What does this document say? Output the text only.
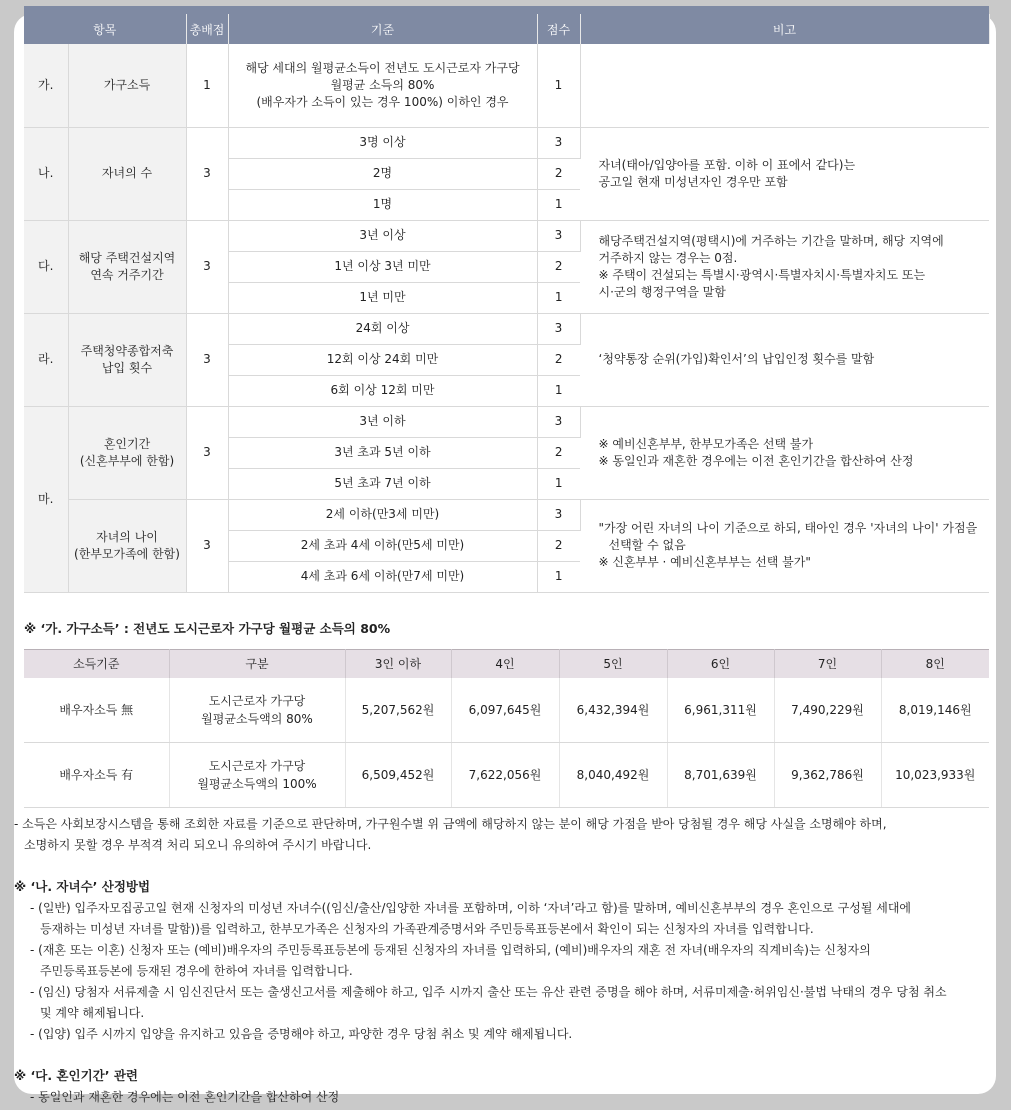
항목		총배점	기준	점수	비고
가.	가구소득	1	해당 세대의 월평균소득이 전년도 도시근로자 가구당
월평균 소득의 80%
(배우자가 소득이 있는 경우 100%) 이하인 경우	1	
나.	자녀의 수	3	3명 이상	3	자녀(태아/입양아를 포함. 이하 이 표에서 같다)는
공고일 현재 미성년자인 경우만 포함
			2명	2	
			1명	1	
다.	해당 주택건설지역
연속 거주기간	3	3년 이상	3	해당주택건설지역(평택시)에 거주하는 기간을 말하며, 해당 지역에
거주하지 않는 경우는 0점.
※ 주택이 건설되는 특별시·광역시·특별자치시·특별자치도 또는
시·군의 행정구역을 말함
			1년 이상 3년 미만	2	
			1년 미만	1	
라.	주택청약종합저축
납입 횟수	3	24회 이상	3	‘청약통장 순위(가입)확인서’의 납입인정 횟수를 말함
			12회 이상 24회 미만	2	
			6회 이상 12회 미만	1	
마.	혼인기간
(신혼부부에 한함)	3	3년 이하	3	※ 예비신혼부부, 한부모가족은 선택 불가
※ 동일인과 재혼한 경우에는 이전 혼인기간을 합산하여 산정
			3년 초과 5년 이하	2	
			5년 초과 7년 이하	1	
	자녀의 나이
(한부모가족에 한함)	3	2세 이하(만3세 미만)	3	"가장 어린 자녀의 나이 기준으로 하되, 태아인 경우 '자녀의 나이' 가점을
선택할 수 없음
※ 신혼부부 · 예비신혼부부는 선택 불가"
			2세 초과 4세 이하(만5세 미만)	2	
			4세 초과 6세 이하(만7세 미만)	1	
※ ‘가. 가구소득’ : 전년도 도시근로자 가구당 월평균 소득의 80%
소득기준	구분	3인 이하	4인	5인	6인	7인	8인
배우자소득 無	도시근로자 가구당
월평균소득액의 80%	5,207,562원	6,097,645원	6,432,394원	6,961,311원	7,490,229원	8,019,146원
배우자소득 有	도시근로자 가구당
월평균소득액의 100%	6,509,452원	7,622,056원	8,040,492원	8,701,639원	9,362,786원	10,023,933원

- 소득은 사회보장시스템을 통해 조회한 자료를 기준으로 판단하며, 가구원수별 위 금액에 해당하지 않는 분이 해당 가점을 받아 당첨될 경우 해당 사실을 소명해야 하며,

소명하지 못할 경우 부적격 처리 되오니 유의하여 주시기 바랍니다.

※ ‘나. 자녀수’ 산정방법

- (일반) 입주자모집공고일 현재 신청자의 미성년 자녀수((임신/출산/입양한 자녀를 포함하며, 이하 ‘자녀’라고 함)를 말하며, 예비신혼부부의 경우 혼인으로 구성될 세대에

등재하는 미성년 자녀를 말함))를 입력하고, 한부모가족은 신청자의 가족관계증명서와 주민등록표등본에서 확인이 되는 신청자의 자녀를 입력합니다.

- (재혼 또는 이혼) 신청자 또는 (예비)배우자의 주민등록표등본에 등재된 신청자의 자녀를 입력하되, (예비)배우자의 재혼 전 자녀(배우자의 직계비속)는 신청자의

주민등록표등본에 등재된 경우에 한하여 자녀를 입력합니다.

- (임신) 당첨자 서류제출 시 임신진단서 또는 출생신고서를 제출해야 하고, 입주 시까지 출산 또는 유산 관련 증명을 해야 하며, 서류미제출·허위임신·불법 낙태의 경우 당첨 취소

및 계약 해제됩니다.

- (입양) 입주 시까지 입양을 유지하고 있음을 증명해야 하고, 파양한 경우 당첨 취소 및 계약 해제됩니다.

※ ‘다. 혼인기간’ 관련

- 동일인과 재혼한 경우에는 이전 혼인기간을 합산하여 산정
